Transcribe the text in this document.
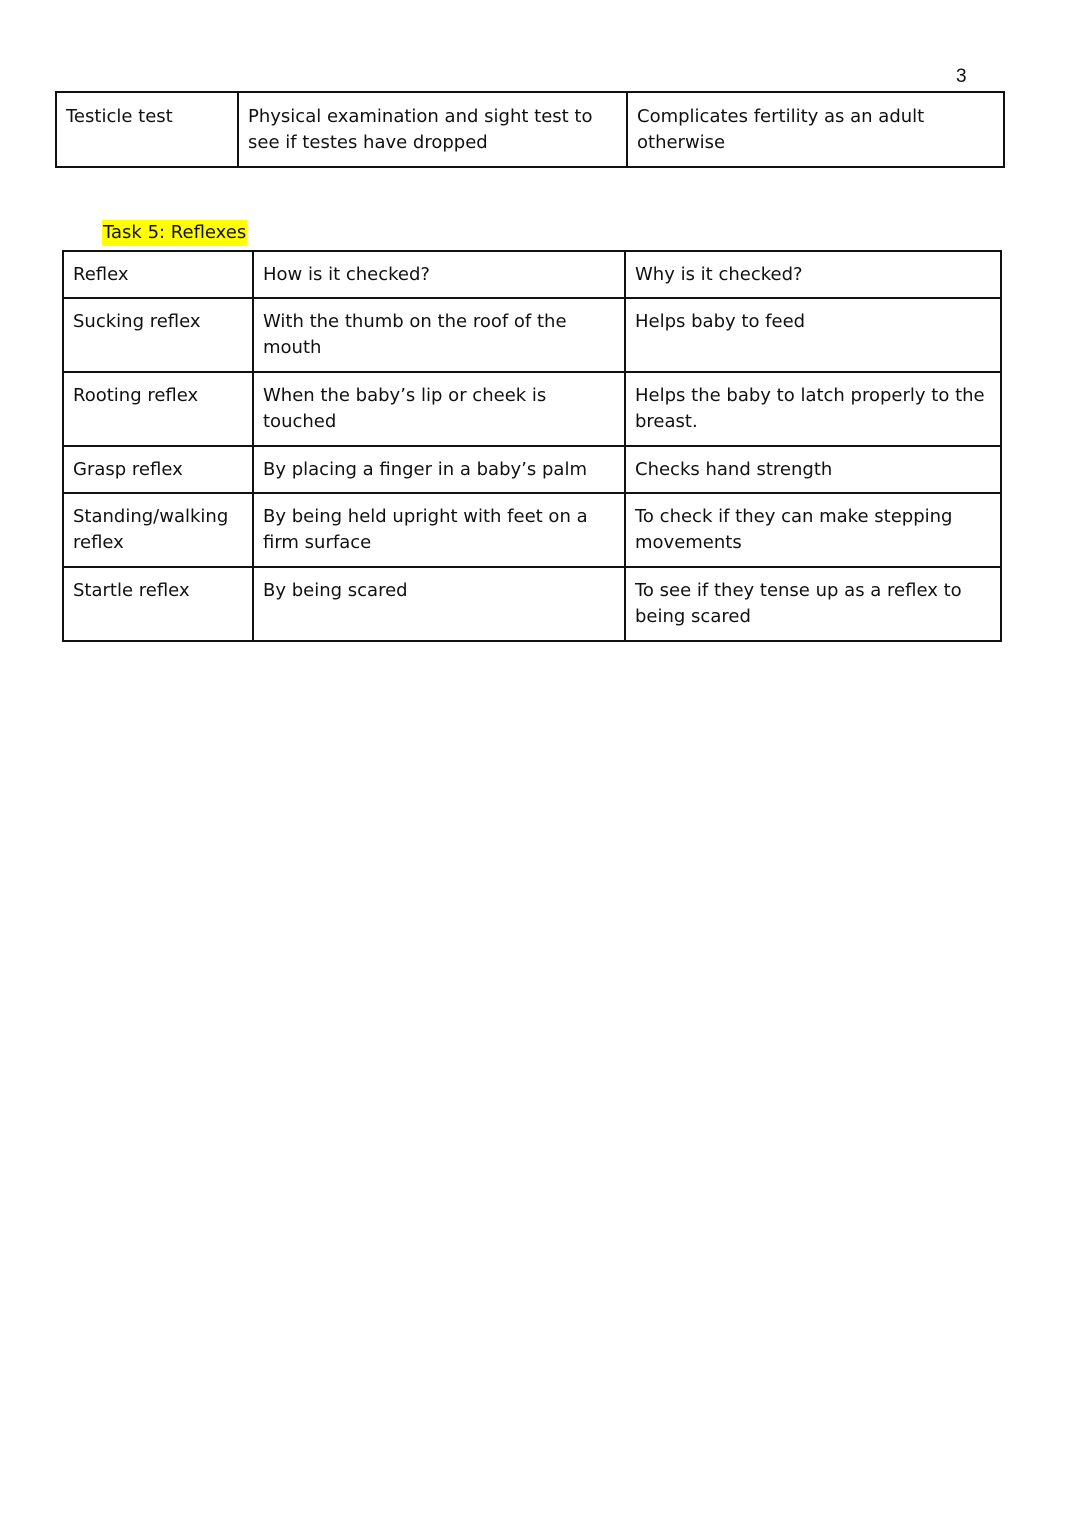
3
Testicle test	Physical examination and sight test to see if testes have dropped	Complicates fertility as an adult otherwise
Task 5: Reflexes
Reflex	How is it checked?	Why is it checked?
Sucking reflex	With the thumb on the roof of the mouth	Helps baby to feed
Rooting reflex	When the baby’s lip or cheek is touched	Helps the baby to latch properly to the breast.
Grasp reflex	By placing a finger in a baby’s palm	Checks hand strength
Standing/walking reflex	By being held upright with feet on a firm surface	To check if they can make stepping movements
Startle reflex	By being scared	To see if they tense up as a reflex to being scared
